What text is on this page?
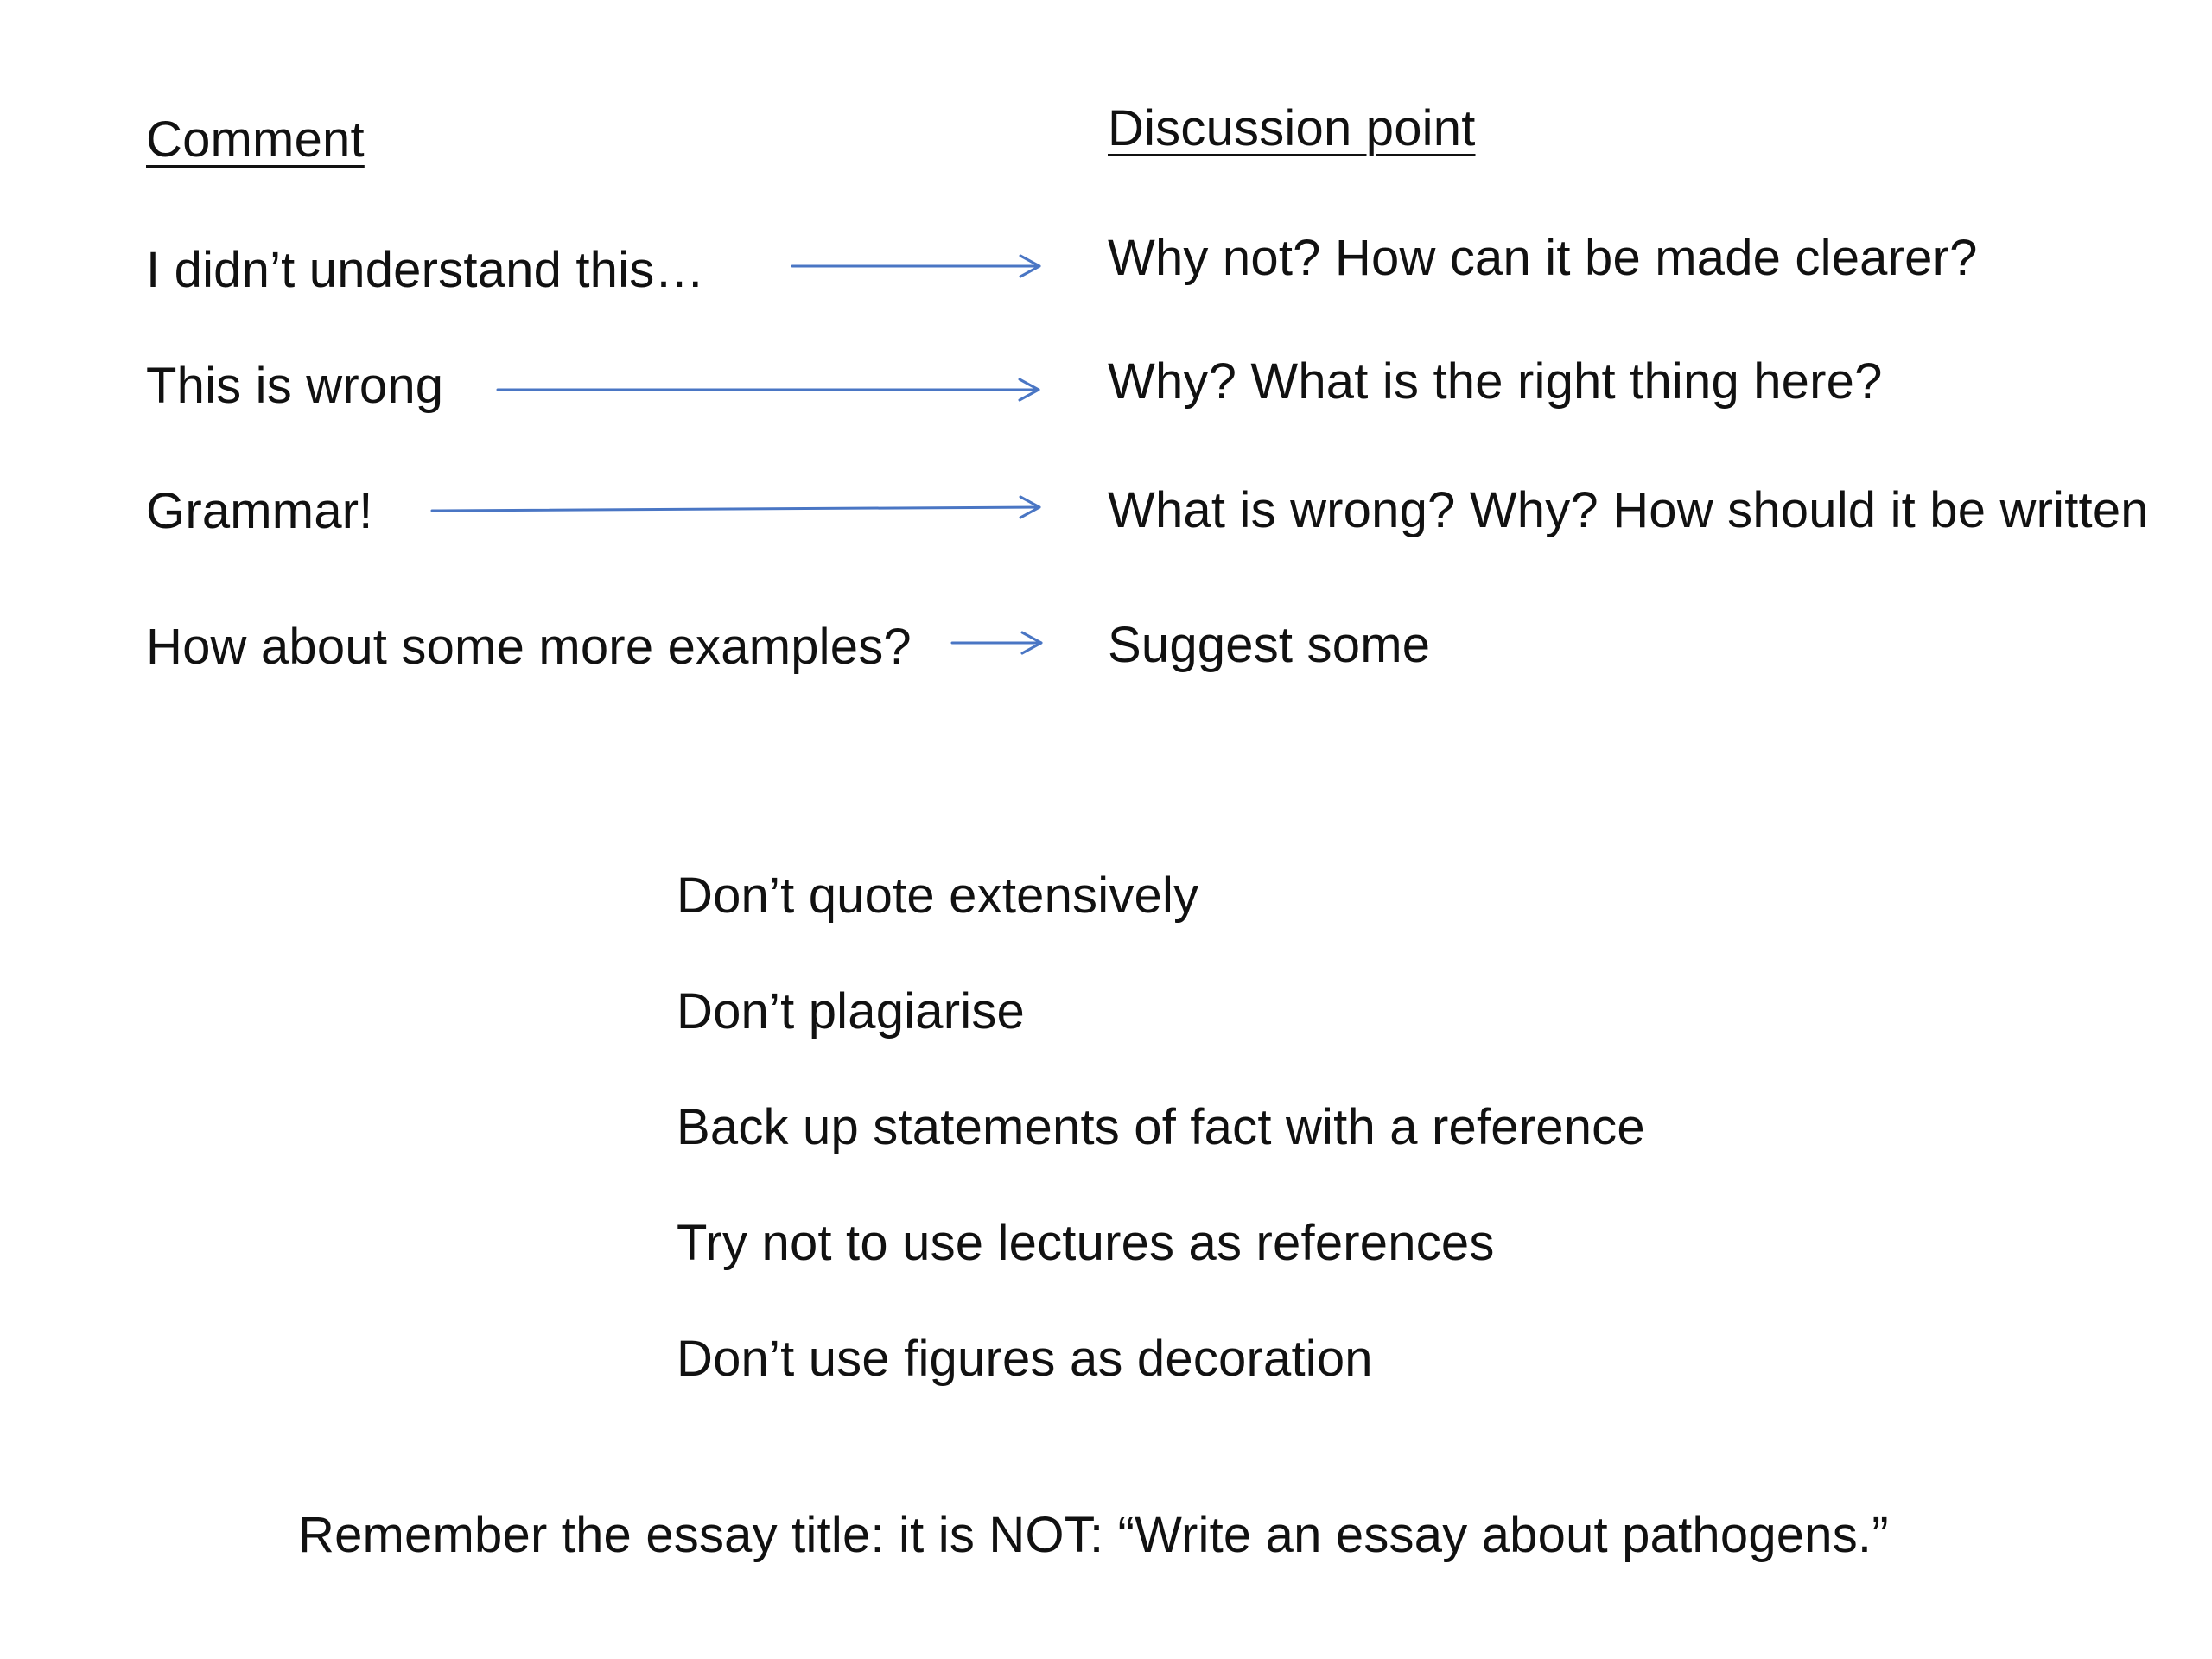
Comment	Discussion point
I didn’t understand this…	Why not? How can it be made clearer?
This is wrong	Why? What is the right thing here?
Grammar!	What is wrong? Why? How should it be written
How about some more examples?	Suggest some
Don’t quote extensively
Don’t plagiarise
Back up statements of fact with a reference
Try not to use lectures as references
Don’t use figures as decoration
Remember the essay title: it is NOT: “Write an essay about pathogens.”
